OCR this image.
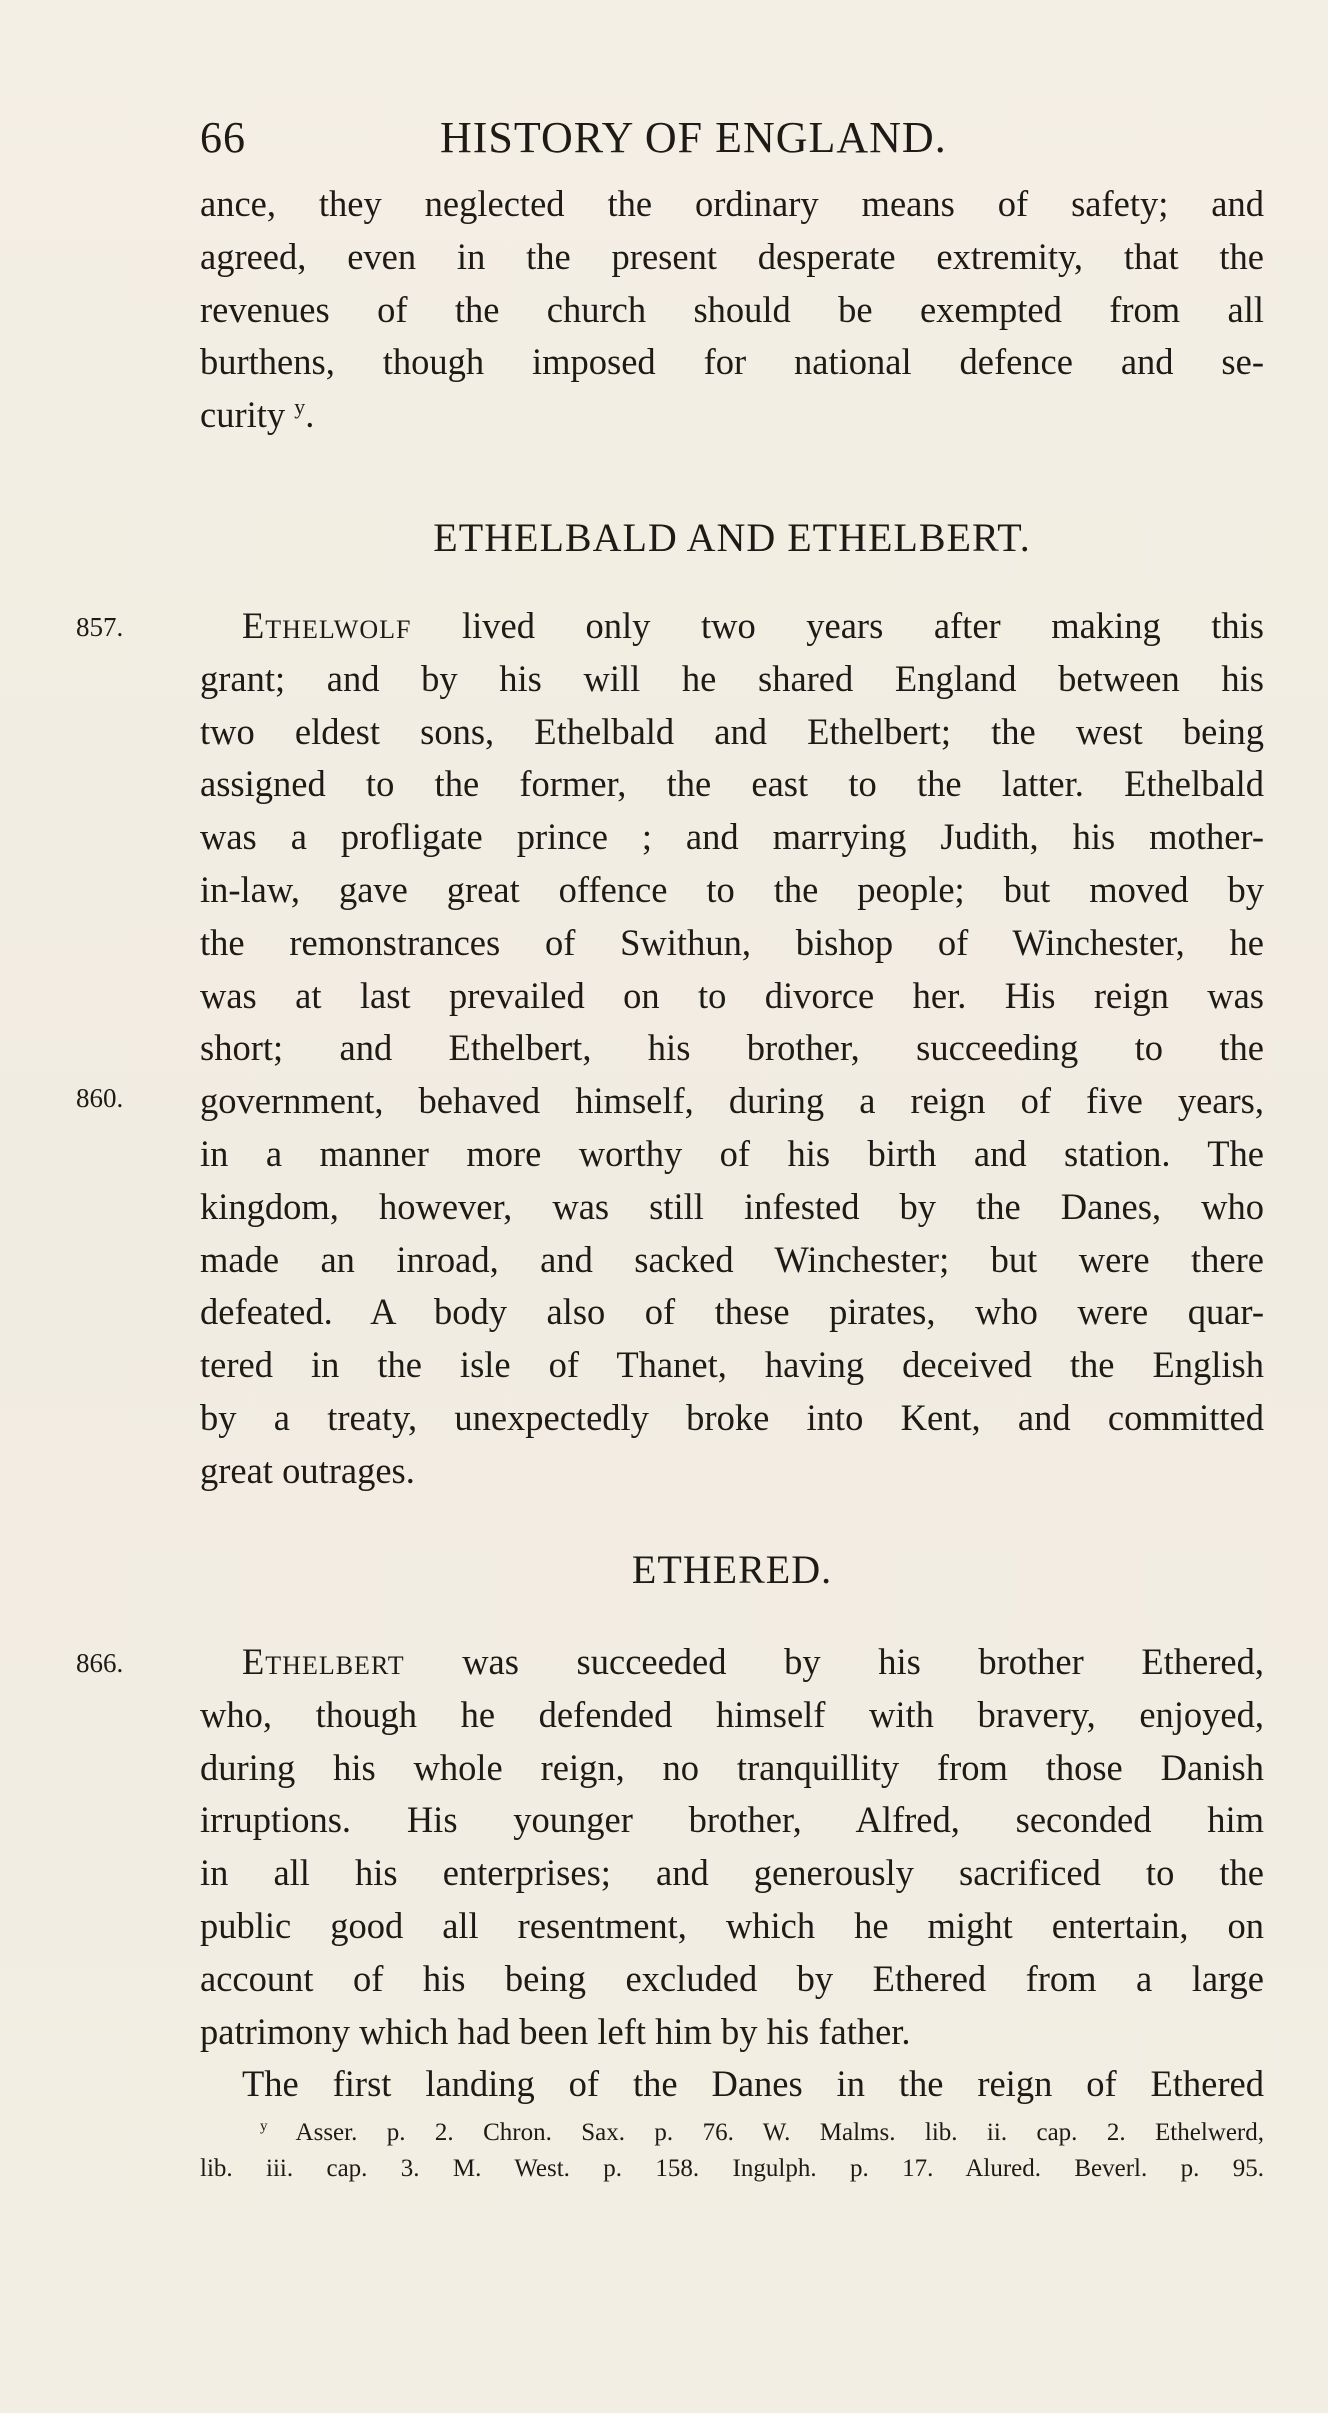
66	HISTORY OF ENGLAND.
ance, they neglected the ordinary means of safety; and
agreed, even in the present desperate extremity, that the
revenues of the church should be exempted from all
burthens, though imposed for national defence and se-
curity $^y$.
ETHELBALD AND ETHELBERT.
857.
860.
Ethelwolf lived only two years after making this
grant; and by his will he shared England between his
two eldest sons, Ethelbald and Ethelbert; the west being
assigned to the former, the east to the latter. Ethelbald
was a profligate prince ; and marrying Judith, his mother-
in-law, gave great offence to the people; but moved by
the remonstrances of Swithun, bishop of Winchester, he
was at last prevailed on to divorce her. His reign was
short; and Ethelbert, his brother, succeeding to the
government, behaved himself, during a reign of five years,
in a manner more worthy of his birth and station. The
kingdom, however, was still infested by the Danes, who
made an inroad, and sacked Winchester; but were there
defeated. A body also of these pirates, who were quar-
tered in the isle of Thanet, having deceived the English
by a treaty, unexpectedly broke into Kent, and committed
great outrages.
ETHERED.
866.	Ethelbert was succeeded by his brother Ethered,
who, though he defended himself with bravery, enjoyed,
during his whole reign, no tranquillity from those Danish
irruptions. His younger brother, Alfred, seconded him
in all his enterprises; and generously sacrificed to the
public good all resentment, which he might entertain, on
account of his being excluded by Ethered from a large
patrimony which had been left him by his father.
The first landing of the Danes in the reign of Ethered
$^y$ Asser. p. 2. Chron. Sax. p. 76. W. Malms. lib. ii. cap. 2. Ethelwerd,
lib. iii. cap. 3. M. West. p. 158. Ingulph. p. 17. Alured. Beverl. p. 95.
